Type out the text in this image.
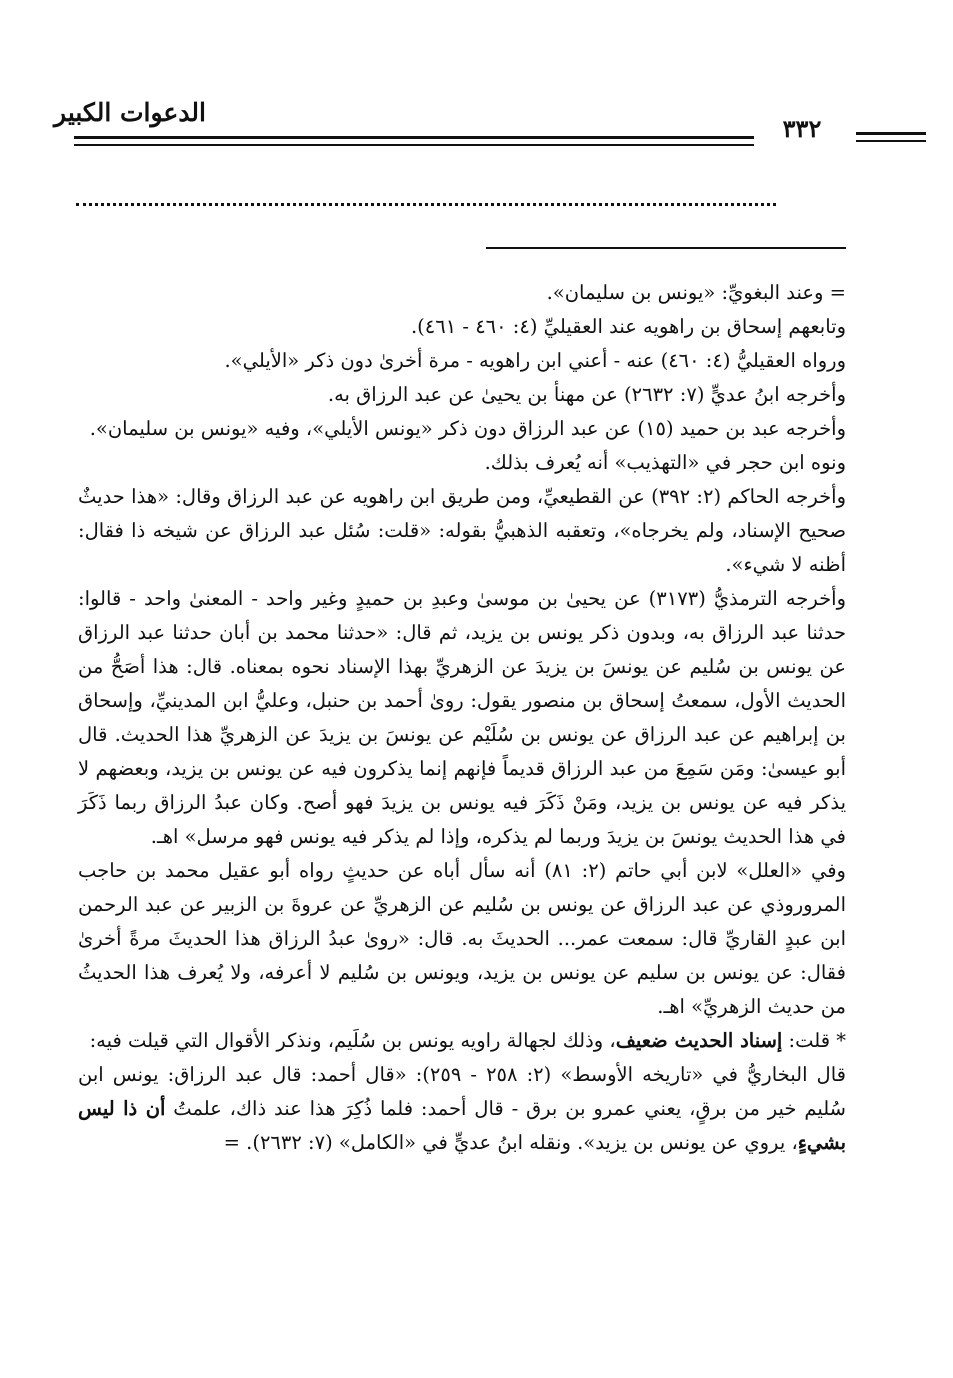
الدعوات الكبير
٣٣٢

= وعند البغويِّ: «يونس بن سليمان».

وتابعهم إسحاق بن راهويه عند العقيليِّ (٤: ٤٦٠ - ٤٦١).

ورواه العقيليُّ (٤: ٤٦٠) عنه - أعني ابن راهويه - مرة أخرىٰ دون ذكر «الأيلي».

وأخرجه ابنُ عديٍّ (٧: ٢٦٣٢) عن مهنأ بن يحيىٰ عن عبد الرزاق به.

وأخرجه عبد بن حميد (١٥) عن عبد الرزاق دون ذكر «يونس الأيلي»، وفيه «يونس بن سليمان».

ونوه ابن حجر في «التهذيب» أنه يُعرف بذلك.

وأخرجه الحاكم (٢: ٣٩٢) عن القطيعيِّ، ومن طريق ابن راهويه عن عبد الرزاق وقال: «هذا حديثٌ صحيح الإسناد، ولم يخرجاه»، وتعقبه الذهبيُّ بقوله: «قلت: سُئل عبد الرزاق عن شيخه ذا فقال: أظنه لا شيء».

وأخرجه الترمذيُّ (٣١٧٣) عن يحيىٰ بن موسىٰ وعبدِ بن حميدٍ وغير واحد - المعنىٰ واحد - قالوا: حدثنا عبد الرزاق به، وبدون ذكر يونس بن يزيد، ثم قال: «حدثنا محمد بن أبان حدثنا عبد الرزاق عن يونس بن سُليم عن يونسَ بن يزيدَ عن الزهريِّ بهذا الإسناد نحوه بمعناه. قال: هذا أصَحُّ من الحديث الأول، سمعتُ إسحاق بن منصور يقول: روىٰ أحمد بن حنبل، وعليُّ ابن المدينيِّ، وإسحاق بن إبراهيم عن عبد الرزاق عن يونس بن سُلَيْم عن يونسَ بن يزيدَ عن الزهريِّ هذا الحديث. قال أبو عيسىٰ: ومَن سَمِعَ من عبد الرزاق قديماً فإنهم إنما يذكرون فيه عن يونس بن يزيد، وبعضهم لا يذكر فيه عن يونس بن يزيد، ومَنْ ذَكَرَ فيه يونس بن يزيدَ فهو أصح. وكان عبدُ الرزاق ربما ذَكَرَ في هذا الحديث يونسَ بن يزيدَ وربما لم يذكره، وإذا لم يذكر فيه يونس فهو مرسل» اهـ.

وفي «العلل» لابن أبي حاتم (٢: ٨١) أنه سأل أباه عن حديثٍ رواه أبو عقيل محمد بن حاجب المروروذي عن عبد الرزاق عن يونس بن سُليم عن الزهريِّ عن عروةَ بن الزبير عن عبد الرحمن ابن عبدٍ القاريِّ قال: سمعت عمر... الحديثَ به. قال: «روىٰ عبدُ الرزاق هذا الحديثَ مرةً أخرىٰ فقال: عن يونس بن سليم عن يونس بن يزيد، ويونس بن سُليم لا أعرفه، ولا يُعرف هذا الحديثُ من حديث الزهريِّ» اهـ.

* قلت: إسناد الحديث ضعيف، وذلك لجهالة راويه يونس بن سُلَيم، ونذكر الأقوال التي قيلت فيه:

قال البخاريُّ في «تاريخه الأوسط» (٢: ٢٥٨ - ٢٥٩): «قال أحمد: قال عبد الرزاق: يونس ابن سُليم خير من برقٍ، يعني عمرو بن برق - قال أحمد: فلما ذُكِرَ هذا عند ذاك، علمتُ أن ذا ليس بشيءٍ، يروي عن يونس بن يزيد». ونقله ابنُ عديٍّ في «الكامل» (٧: ٢٦٣٢). =
